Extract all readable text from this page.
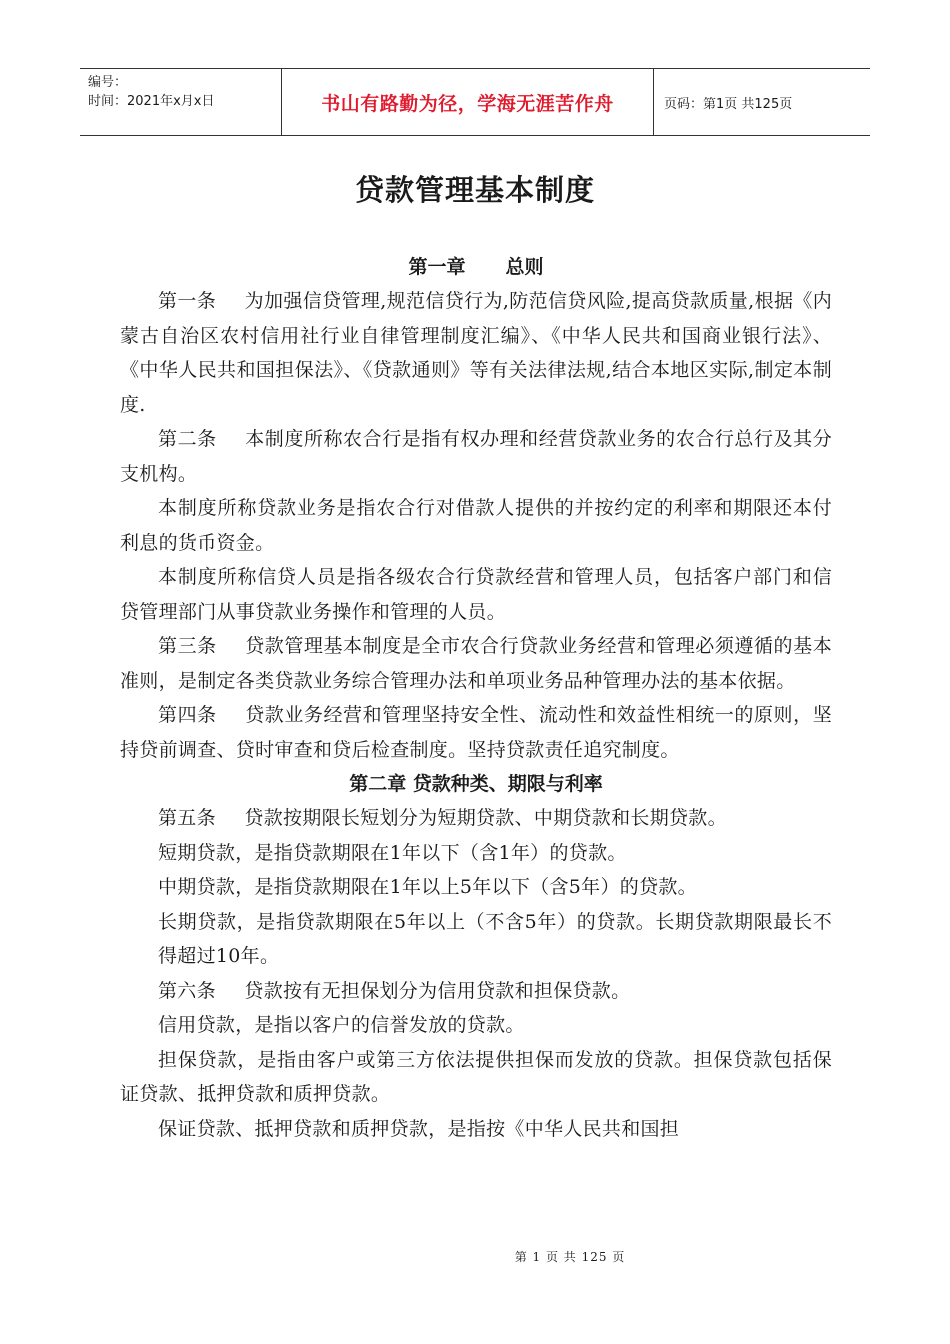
编号：
时间：2021年x月x日	书山有路勤为径，学海无涯苦作舟	页码：第1页 共125页
贷款管理基本制度

第一章 总则

第一条 为加强信贷管理,规范信贷行为,防范信贷风险,提高贷款质量,根据《内蒙古自治区农村信用社行业自律管理制度汇编》、《中华人民共和国商业银行法》、《中华人民共和国担保法》、《贷款通则》等有关法律法规,结合本地区实际,制定本制度.

第二条 本制度所称农合行是指有权办理和经营贷款业务的农合行总行及其分支机构。

本制度所称贷款业务是指农合行对借款人提供的并按约定的利率和期限还本付利息的货币资金。

本制度所称信贷人员是指各级农合行贷款经营和管理人员，包括客户部门和信贷管理部门从事贷款业务操作和管理的人员。

第三条 贷款管理基本制度是全市农合行贷款业务经营和管理必须遵循的基本准则，是制定各类贷款业务综合管理办法和单项业务品种管理办法的基本依据。

第四条 贷款业务经营和管理坚持安全性、流动性和效益性相统一的原则，坚持贷前调查、贷时审查和贷后检查制度。坚持贷款责任追究制度。

第二章 贷款种类、期限与利率

第五条 贷款按期限长短划分为短期贷款、中期贷款和长期贷款。

短期贷款，是指贷款期限在1年以下（含1年）的贷款。

中期贷款，是指贷款期限在1年以上5年以下（含5年）的贷款。

长期贷款，是指贷款期限在5年以上（不含5年）的贷款。长期贷款期限最长不得超过10年。

第六条 贷款按有无担保划分为信用贷款和担保贷款。

信用贷款，是指以客户的信誉发放的贷款。

担保贷款，是指由客户或第三方依法提供担保而发放的贷款。担保贷款包括保证贷款、抵押贷款和质押贷款。

保证贷款、抵押贷款和质押贷款，是指按《中华人民共和国担

第 1 页 共 125 页
